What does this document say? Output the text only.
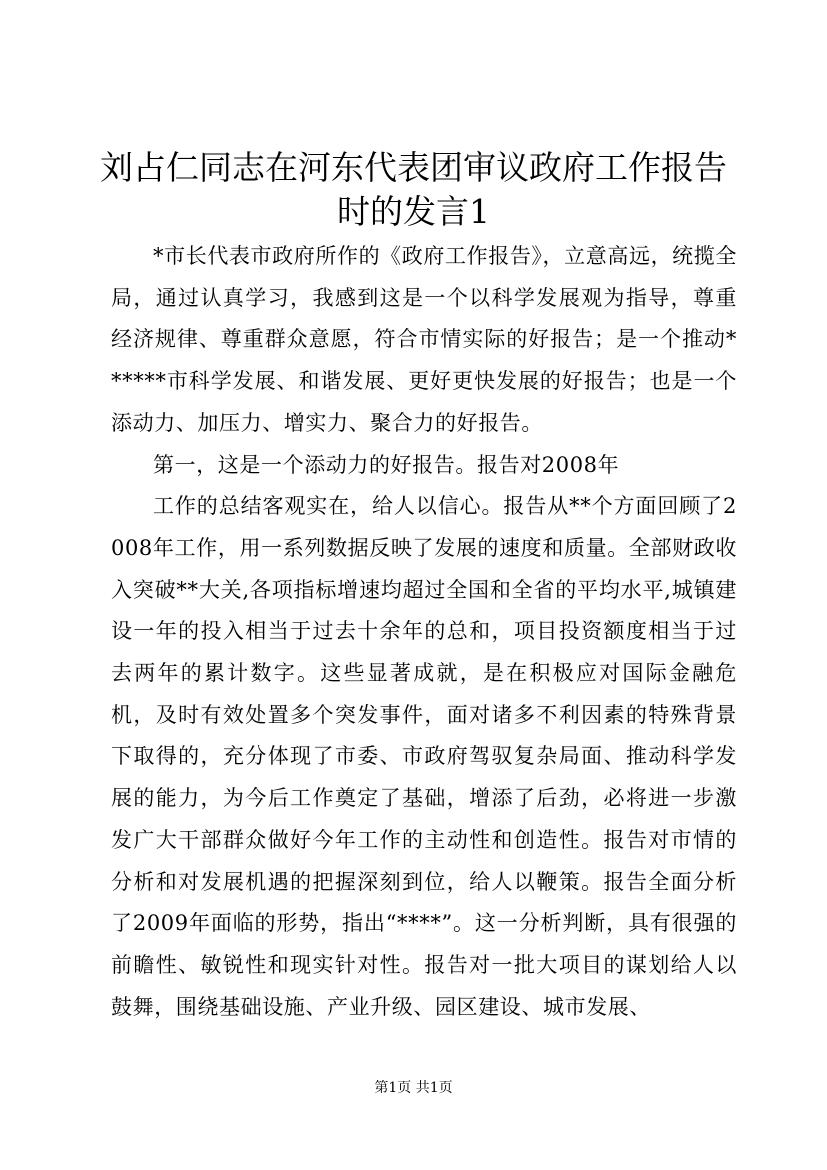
刘占仁同志在河东代表团审议政府工作报告时的发言1

*市长代表市政府所作的《政府工作报告》，立意高远，统揽全局，通过认真学习，我感到这是一个以科学发展观为指导，尊重经济规律、尊重群众意愿，符合市情实际的好报告；是一个推动******市科学发展、和谐发展、更好更快发展的好报告；也是一个添动力、加压力、增实力、聚合力的好报告。

第一，这是一个添动力的好报告。报告对2008年

工作的总结客观实在，给人以信心。报告从**个方面回顾了2008年工作，用一系列数据反映了发展的速度和质量。全部财政收入突破**大关,各项指标增速均超过全国和全省的平均水平,城镇建设一年的投入相当于过去十余年的总和，项目投资额度相当于过去两年的累计数字。这些显著成就，是在积极应对国际金融危机，及时有效处置多个突发事件，面对诸多不利因素的特殊背景下取得的，充分体现了市委、市政府驾驭复杂局面、推动科学发展的能力，为今后工作奠定了基础，增添了后劲，必将进一步激发广大干部群众做好今年工作的主动性和创造性。报告对市情的分析和对发展机遇的把握深刻到位，给人以鞭策。报告全面分析了2009年面临的形势，指出“****”。这一分析判断，具有很强的前瞻性、敏锐性和现实针对性。报告对一批大项目的谋划给人以鼓舞，围绕基础设施、产业升级、园区建设、城市发展、

第1页 共1页
